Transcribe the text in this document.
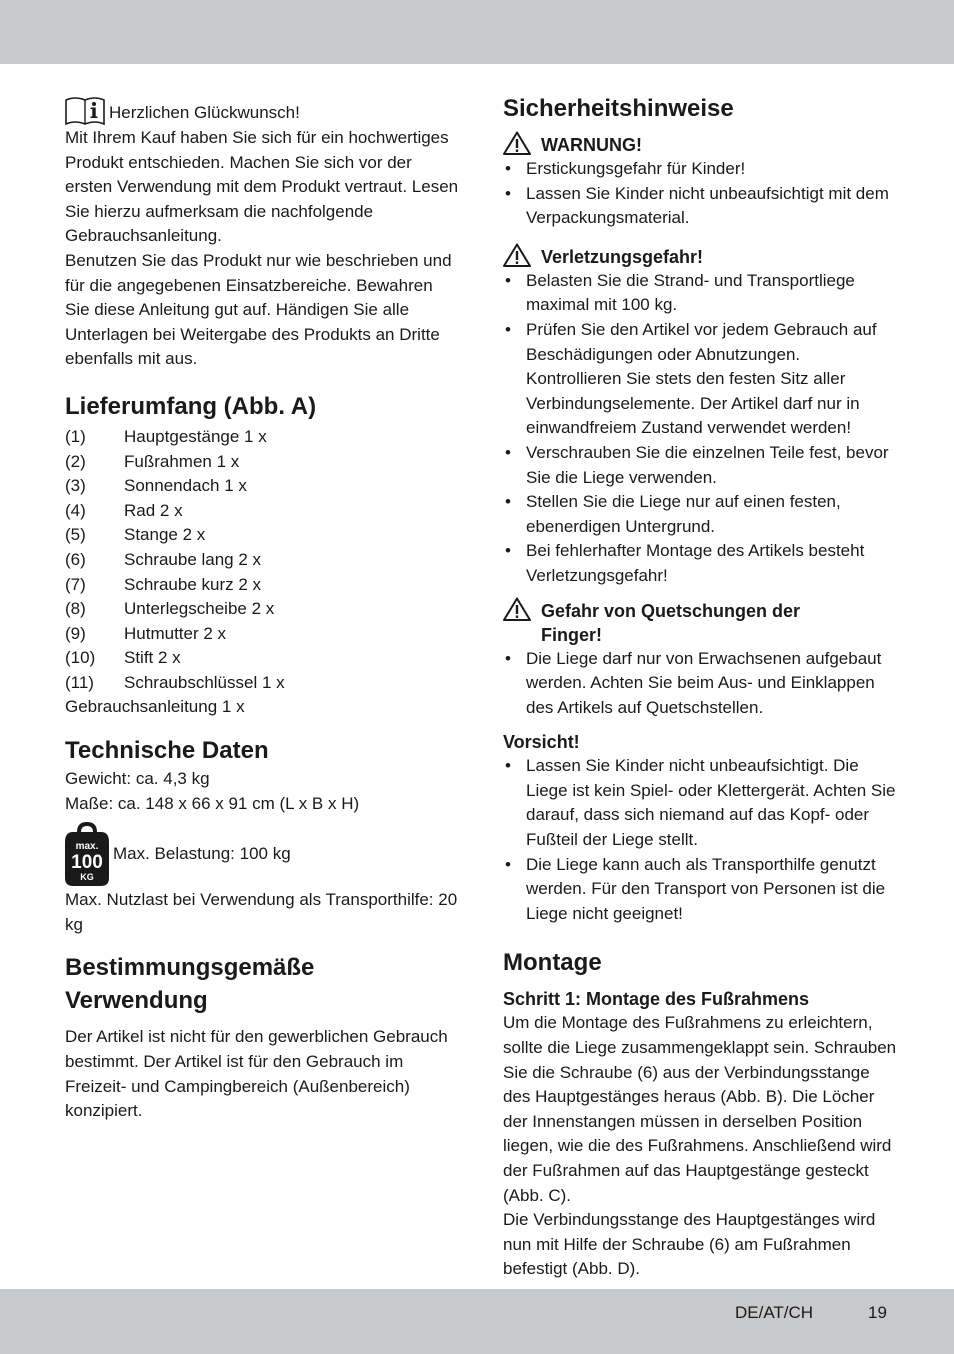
Herzlichen Glückwunsch!

Mit Ihrem Kauf haben Sie sich für ein hochwertiges Produkt entschieden. Machen Sie sich vor der ersten Verwendung mit dem Produkt vertraut. Lesen Sie hierzu aufmerksam die nachfolgende Gebrauchsanleitung.

Benutzen Sie das Produkt nur wie beschrieben und für die angegebenen Einsatzbereiche. Bewahren Sie diese Anleitung gut auf. Händigen Sie alle Unterlagen bei Weitergabe des Produkts an Dritte ebenfalls mit aus.

Lieferumfang (Abb. A)
(1)	Hauptgestänge 1 x
(2)	Fußrahmen 1 x
(3)	Sonnendach 1 x
(4)	Rad 2 x
(5)	Stange 2 x
(6)	Schraube lang 2 x
(7)	Schraube kurz 2 x
(8)	Unterlegscheibe 2 x
(9)	Hutmutter 2 x
(10)	Stift 2 x
(11)	Schraubschlüssel 1 x

Gebrauchsanleitung 1 x

Technische Daten

Gewicht: ca. 4,3 kg

Maße: ca. 148 x 66 x 91 cm (L x B x H)

max.
100
KG
Max. Belastung: 100 kg

Max. Nutzlast bei Verwendung als Transporthilfe: 20 kg

Bestimmungsgemäße Verwendung

Der Artikel ist nicht für den gewerblichen Gebrauch bestimmt. Der Artikel ist für den Gebrauch im Freizeit- und Campingbereich (Außenbereich) konzipiert.

Sicherheitshinweise
WARNUNG!
• Erstickungsgefahr für Kinder!
• Lassen Sie Kinder nicht unbeaufsichtigt mit dem Verpackungsmaterial.
Verletzungsgefahr!
• Belasten Sie die Strand- und Transportliege maximal mit 100 kg.
• Prüfen Sie den Artikel vor jedem Gebrauch auf Beschädigungen oder Abnutzungen. Kontrollieren Sie stets den festen Sitz aller Verbindungselemente. Der Artikel darf nur in einwandfreiem Zustand verwendet werden!
• Verschrauben Sie die einzelnen Teile fest, bevor Sie die Liege verwenden.
• Stellen Sie die Liege nur auf einen festen, ebenerdigen Untergrund.
• Bei fehlerhafter Montage des Artikels besteht Verletzungsgefahr!
Gefahr von Quetschungen der Finger!
• Die Liege darf nur von Erwachsenen aufgebaut werden. Achten Sie beim Aus- und Einklappen des Artikels auf Quetschstellen.
Vorsicht!
• Lassen Sie Kinder nicht unbeaufsichtigt. Die Liege ist kein Spiel- oder Klettergerät. Achten Sie darauf, dass sich niemand auf das Kopf- oder Fußteil der Liege stellt.
• Die Liege kann auch als Transporthilfe genutzt werden. Für den Transport von Personen ist die Liege nicht geeignet!
Montage
Schritt 1: Montage des Fußrahmens

Um die Montage des Fußrahmens zu erleichtern, sollte die Liege zusammengeklappt sein. Schrauben Sie die Schraube (6) aus der Verbindungsstange des Hauptgestänges heraus (Abb. B). Die Löcher der Innenstangen müssen in derselben Position liegen, wie die des Fußrahmens. Anschließend wird der Fußrahmen auf das Hauptgestänge gesteckt (Abb. C).

Die Verbindungsstange des Hauptgestänges wird nun mit Hilfe der Schraube (6) am Fußrahmen befestigt (Abb. D).

DE/AT/CH	19
